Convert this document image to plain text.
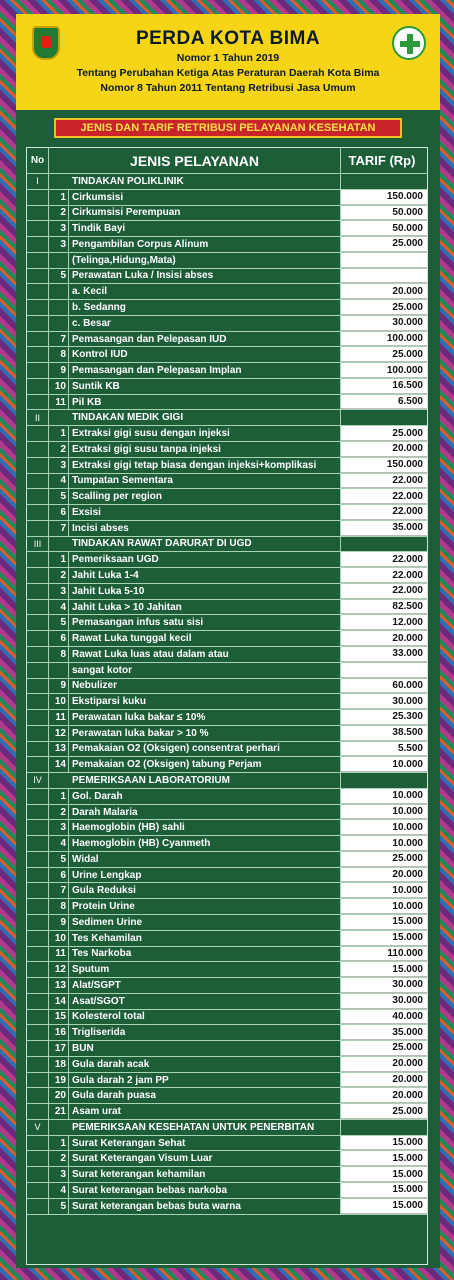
PERDA KOTA BIMA
Nomor 1 Tahun 2019
Tentang Perubahan Ketiga Atas Peraturan Daerah Kota Bima
Nomor 8 Tahun 2011 Tentang Retribusi Jasa Umum
JENIS DAN TARIF RETRIBUSI PELAYANAN KESEHATAN
No	JENIS PELAYANAN	TARIF (Rp)
I	TINDAKAN POLIKLINIK
1 Cirkumsisi	150.000
2 Cirkumsisi Perempuan	50.000
3 Tindik Bayi	50.000
3 Pengambilan Corpus Alinum	25.000
(Telinga,Hidung,Mata)
5 Perawatan Luka / Insisi abses
a. Kecil	20.000
b. Sedanng	25.000
c. Besar	30.000
7 Pemasangan dan Pelepasan IUD	100.000
8 Kontrol IUD	25.000
9 Pemasangan dan Pelepasan Implan	100.000
10 Suntik KB	16.500
11 Pil KB	6.500
II	TINDAKAN MEDIK GIGI
1 Extraksi gigi susu dengan injeksi	25.000
2 Extraksi gigi susu tanpa injeksi	20.000
3 Extraksi gigi tetap biasa dengan injeksi+komplikasi	150.000
4 Tumpatan Sementara	22.000
5 Scalling per region	22.000
6 Exsisi	22.000
7 Incisi abses	35.000
III	TINDAKAN RAWAT DARURAT DI UGD
1 Pemeriksaan UGD	22.000
2 Jahit Luka 1-4	22.000
3 Jahit Luka 5-10	22.000
4 Jahit Luka > 10 Jahitan	82.500
5 Pemasangan infus satu sisi	12.000
6 Rawat Luka tunggal kecil	20.000
8 Rawat Luka luas atau dalam atau	33.000
sangat kotor
9 Nebulizer	60.000
10 Ekstiparsi kuku	30.000
11 Perawatan luka bakar ≤ 10%	25.300
12 Perawatan luka bakar > 10 %	38.500
13 Pemakaian O2 (Oksigen) consentrat perhari	5.500
14 Pemakaian O2 (Oksigen) tabung Perjam	10.000
IV	PEMERIKSAAN LABORATORIUM
1 Gol. Darah	10.000
2 Darah Malaria	10.000
3 Haemoglobin (HB) sahli	10.000
4 Haemoglobin (HB) Cyanmeth	10.000
5 Widal	25.000
6 Urine Lengkap	20.000
7 Gula Reduksi	10.000
8 Protein Urine	10.000
9 Sedimen Urine	15.000
10 Tes Kehamilan	15.000
11 Tes Narkoba	110.000
12 Sputum	15.000
13 Alat/SGPT	30.000
14 Asat/SGOT	30.000
15 Kolesterol total	40.000
16 Trigliserida	35.000
17 BUN	25.000
18 Gula darah acak	20.000
19 Gula darah 2 jam PP	20.000
20 Gula darah puasa	20.000
21 Asam urat	25.000
V	PEMERIKSAAN KESEHATAN UNTUK PENERBITAN
1 Surat Keterangan Sehat	15.000
2 Surat Keterangan Visum Luar	15.000
3 Surat keterangan kehamilan	15.000
4 Surat keterangan bebas narkoba	15.000
5 Surat keterangan bebas buta warna	15.000
